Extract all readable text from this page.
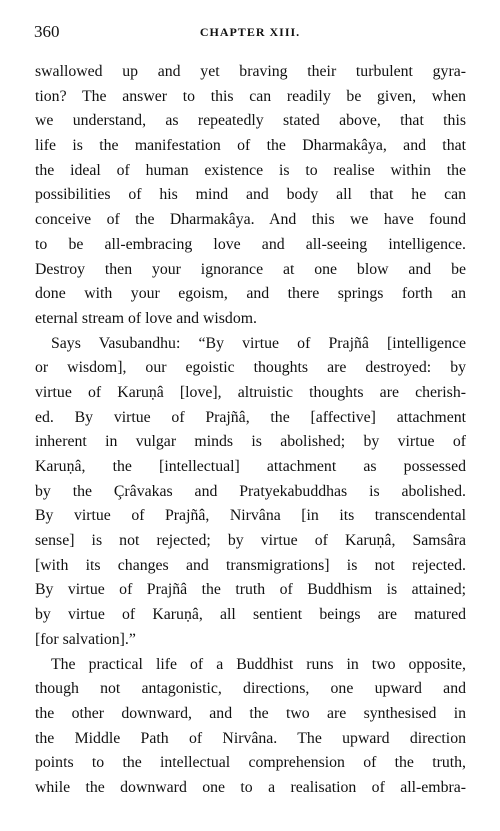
360	CHAPTER XIII.
swallowed up and yet braving their turbulent gyra-
tion? The answer to this can readily be given, when
we understand, as repeatedly stated above, that this
life is the manifestation of the Dharmakâya, and that
the ideal of human existence is to realise within the
possibilities of his mind and body all that he can
conceive of the Dharmakâya. And this we have found
to be all-embracing love and all-seeing intelligence.
Destroy then your ignorance at one blow and be
done with your egoism, and there springs forth an
eternal stream of love and wisdom.
Says Vasubandhu: “By virtue of Prajñâ [intelligence
or wisdom], our egoistic thoughts are destroyed: by
virtue of Karuṇâ [love], altruistic thoughts are cherish-
ed. By virtue of Prajñâ, the [affective] attachment
inherent in vulgar minds is abolished; by virtue of
Karuṇâ, the [intellectual] attachment as possessed
by the Çrâvakas and Pratyekabuddhas is abolished.
By virtue of Prajñâ, Nirvâna [in its transcendental
sense] is not rejected; by virtue of Karuṇâ, Samsâra
[with its changes and transmigrations] is not rejected.
By virtue of Prajñâ the truth of Buddhism is attained;
by virtue of Karuṇâ, all sentient beings are matured
[for salvation].”
The practical life of a Buddhist runs in two opposite,
though not antagonistic, directions, one upward and
the other downward, and the two are synthesised in
the Middle Path of Nirvâna. The upward direction
points to the intellectual comprehension of the truth,
while the downward one to a realisation of all-embra-
